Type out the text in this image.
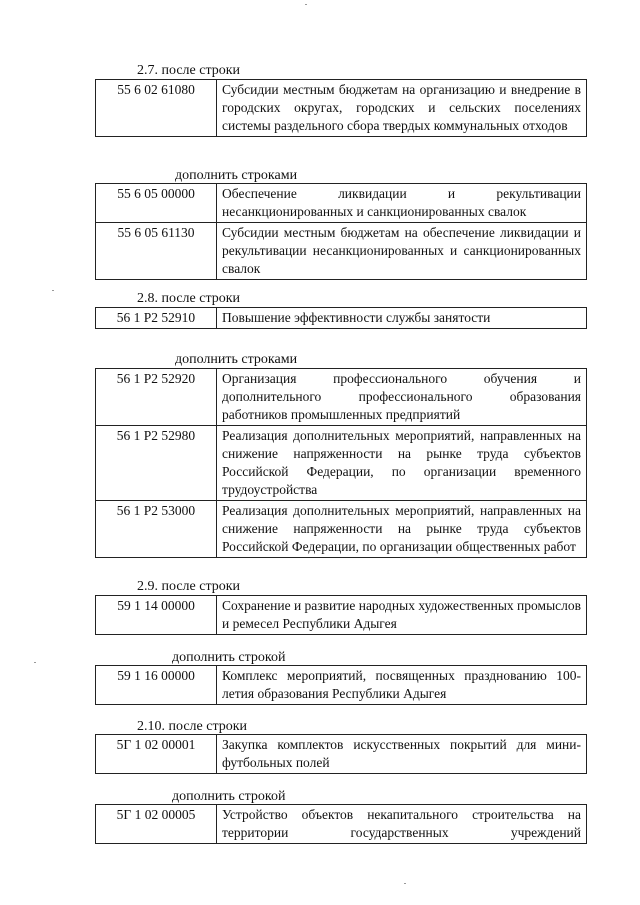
2.7. после строки
55 6 02 61080	Субсидии местным бюджетам на организацию и внедрение в городских округах, городских и сельских поселениях системы раздельного сбора твердых коммунальных отходов
дополнить строками
55 6 05 00000	Обеспечение ликвидации и рекультивации несанкционированных и санкционированных свалок
55 6 05 61130	Субсидии местным бюджетам на обеспечение ликвидации и рекультивации несанкционированных и санкционированных свалок
2.8. после строки
56 1 P2 52910	Повышение эффективности службы занятости
дополнить строками
56 1 P2 52920	Организация профессионального обучения и дополнительного профессионального образования работников промышленных предприятий
56 1 P2 52980	Реализация дополнительных мероприятий, направленных на снижение напряженности на рынке труда субъектов Российской Федерации, по организации временного трудоустройства
56 1 P2 53000	Реализация дополнительных мероприятий, направленных на снижение напряженности на рынке труда субъектов Российской Федерации, по организации общественных работ
2.9. после строки
59 1 14 00000	Сохранение и развитие народных художественных промыслов и ремесел Республики Адыгея
дополнить строкой
59 1 16 00000	Комплекс мероприятий, посвященных празднованию 100-летия образования Республики Адыгея
2.10. после строки
5Г 1 02 00001	Закупка комплектов искусственных покрытий для мини-футбольных полей
дополнить строкой
5Г 1 02 00005	Устройство объектов некапитального строительства на территории государственных учреждений
